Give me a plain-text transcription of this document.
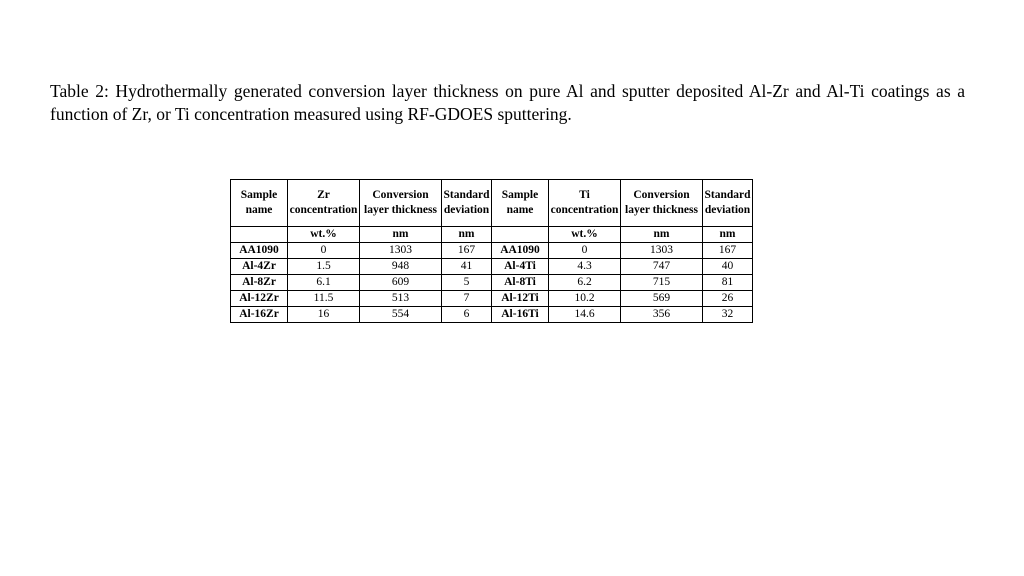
Table 2: Hydrothermally generated conversion layer thickness on pure Al and sputter deposited Al-Zr and Al-Ti coatings as a function of Zr, or Ti concentration measured using RF-GDOES sputtering.
Sample name	Zr concentration	Conversion layer thickness	Standard deviation	Sample name	Ti concentration	Conversion layer thickness	Standard deviation
	wt.%	nm	nm		wt.%	nm	nm
AA1090	0	1303	167	AA1090	0	1303	167
Al-4Zr	1.5	948	41	Al-4Ti	4.3	747	40
Al-8Zr	6.1	609	5	Al-8Ti	6.2	715	81
Al-12Zr	11.5	513	7	Al-12Ti	10.2	569	26
Al-16Zr	16	554	6	Al-16Ti	14.6	356	32
